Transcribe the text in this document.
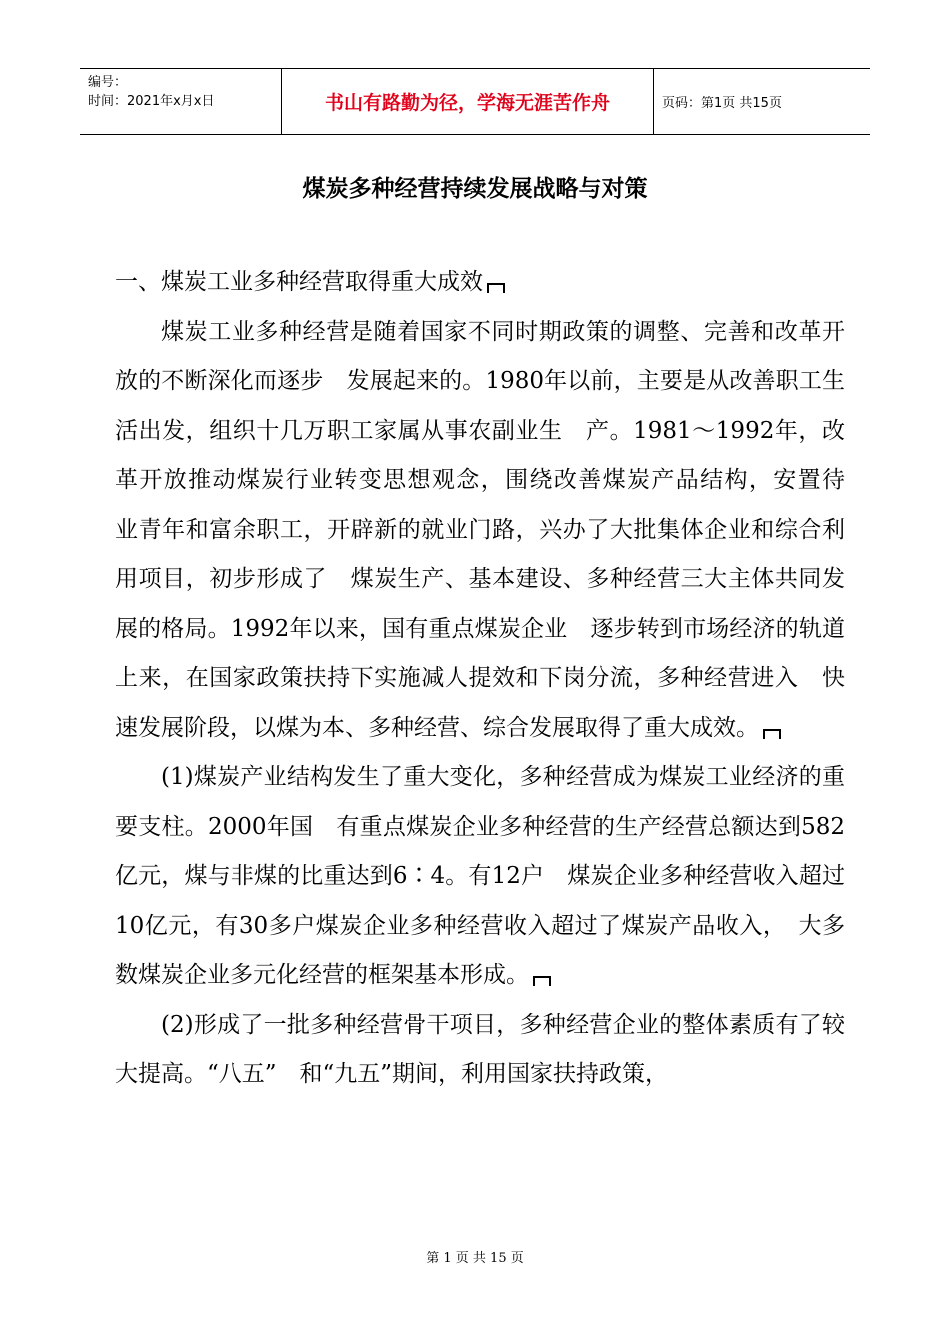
编号：
时间：2021年x月x日	书山有路勤为径，学海无涯苦作舟	页码：第1页 共15页
煤炭多种经营持续发展战略与对策

一、煤炭工业多种经营取得重大成效

煤炭工业多种经营是随着国家不同时期政策的调整、完善和改革开放的不断深化而逐步　发展起来的。1980年以前，主要是从改善职工生活出发，组织十几万职工家属从事农副业生　产。1981～1992年，改革开放推动煤炭行业转变思想观念，围绕改善煤炭产品结构，安置待　业青年和富余职工，开辟新的就业门路，兴办了大批集体企业和综合利用项目，初步形成了　煤炭生产、基本建设、多种经营三大主体共同发展的格局。1992年以来，国有重点煤炭企业　逐步转到市场经济的轨道上来，在国家政策扶持下实施减人提效和下岗分流，多种经营进入　快速发展阶段，以煤为本、多种经营、综合发展取得了重大成效。

(1)煤炭产业结构发生了重大变化，多种经营成为煤炭工业经济的重要支柱。2000年国　有重点煤炭企业多种经营的生产经营总额达到582亿元，煤与非煤的比重达到6∶4。有12户　煤炭企业多种经营收入超过10亿元，有30多户煤炭企业多种经营收入超过了煤炭产品收入，　大多数煤炭企业多元化经营的框架基本形成。

(2)形成了一批多种经营骨干项目，多种经营企业的整体素质有了较大提高。“八五”　和“九五”期间，利用国家扶持政策，

第 1 页 共 15 页
